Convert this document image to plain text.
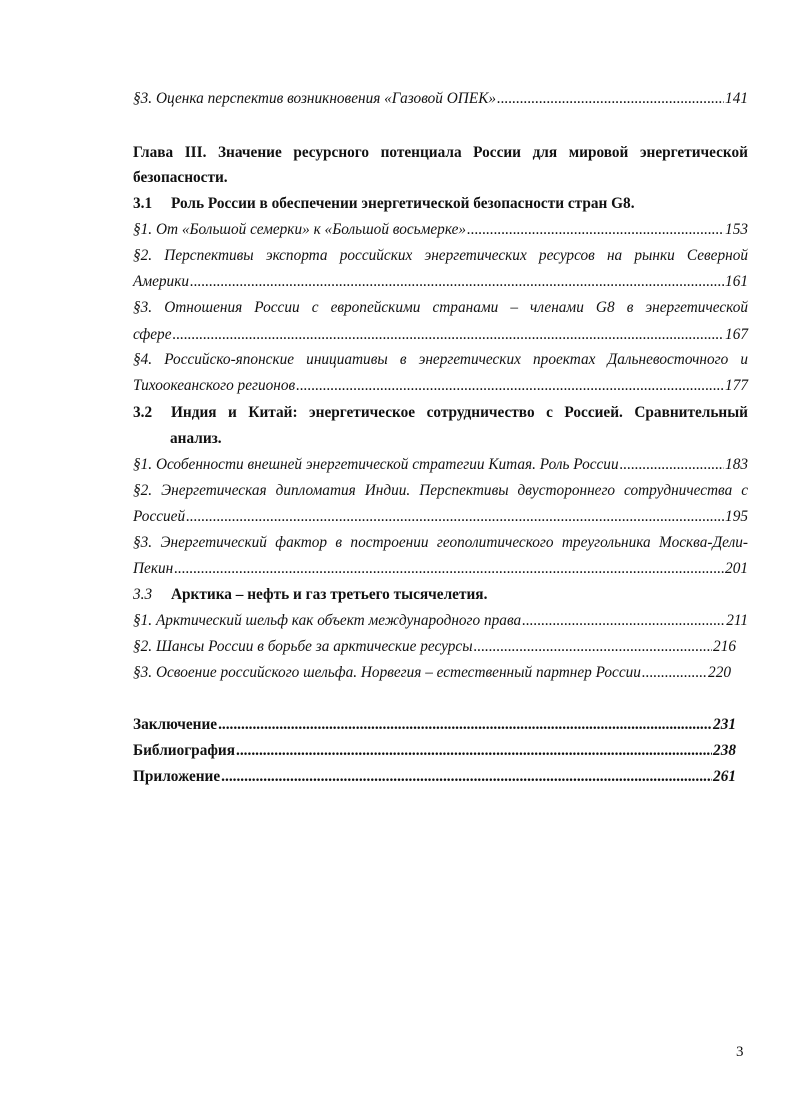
§3. Оценка перспектив возникновения «Газовой ОПЕК» .....	141
Глава III. Значение ресурсного потенциала России для мировой энергетической
безопасности.
3.1 Роль России в обеспечении энергетической безопасности стран G8.
§1. От «Большой семерки» к «Большой восьмерке» .....	153
§2. Перспективы экспорта российских энергетических ресурсов на рынки Северной
Америки .....	161
§3. Отношения России с европейскими странами – членами G8 в энергетической
сфере .....	167
§4. Российско-японские инициативы в энергетических проектах Дальневосточного и
Тихоокеанского регионов .....	177
3.2	Индия и Китай: энергетическое сотрудничество с Россией. Сравнительный
анализ.
§1. Особенности внешней энергетической стратегии Китая. Роль России .....	183
§2. Энергетическая дипломатия Индии. Перспективы двустороннего сотрудничества с
Россией .....	195
§3. Энергетический фактор в построении геополитического треугольника Москва-Дели-
Пекин .....	201
3.3 Арктика – нефть и газ третьего тысячелетия.
§1. Арктический шельф как объект международного права .....	211
§2. Шансы России в борьбе за арктические ресурсы .....	216
§3. Освоение российского шельфа. Норвегия – естественный партнер России .....	220
Заключение .....	231
Библиография .....	238
Приложение .....	261
3
